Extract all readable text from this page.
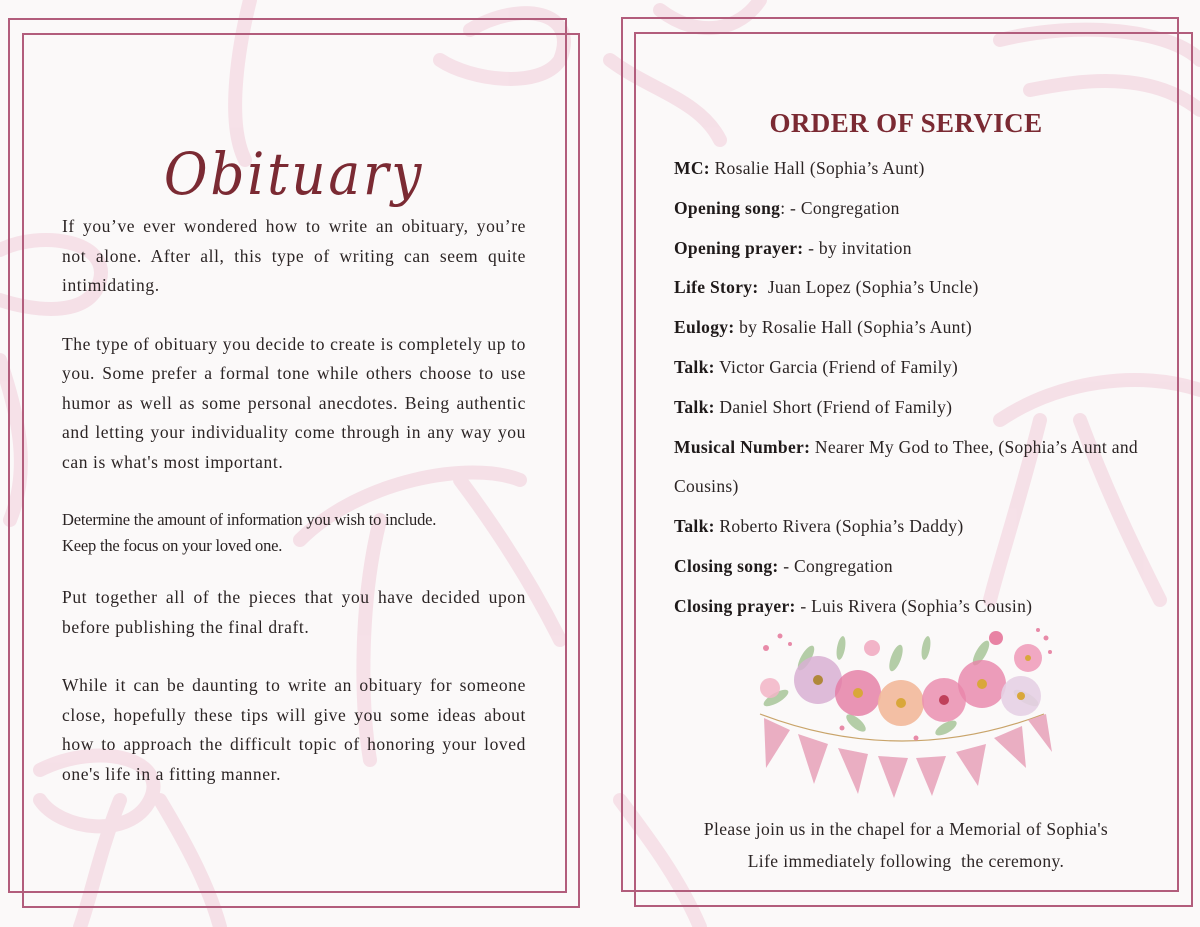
Obituary

If you’ve ever wondered how to write an obituary, you’re not alone. After all, this type of writing can seem quite intimidating.

The type of obituary you decide to create is completely up to you. Some prefer a formal tone while others choose to use humor as well as some personal anecdotes. Being authentic and letting your individuality come through in any way you can is what's most important.

Determine the amount of information you wish to include.
Keep the focus on your loved one.

Put together all of the pieces that you have decided upon before publishing the final draft.

While it can be daunting to write an obituary for someone close, hopefully these tips will give you some ideas about how to approach the difficult topic of honoring your loved one's life in a fitting manner.

ORDER OF SERVICE
MC: Rosalie Hall (Sophia’s Aunt)
Opening song: - Congregation
Opening prayer: - by invitation
Life Story:  Juan Lopez (Sophia’s Uncle)
Eulogy: by Rosalie Hall (Sophia’s Aunt)
Talk: Victor Garcia (Friend of Family)
Talk: Daniel Short (Friend of Family)
Musical Number: Nearer My God to Thee, (Sophia’s Aunt and Cousins)
Talk: Roberto Rivera (Sophia’s Daddy)
Closing song: - Congregation
Closing prayer: - Luis Rivera (Sophia’s Cousin)
Please join us in the chapel for a Memorial of Sophia's
Life immediately following  the ceremony.
